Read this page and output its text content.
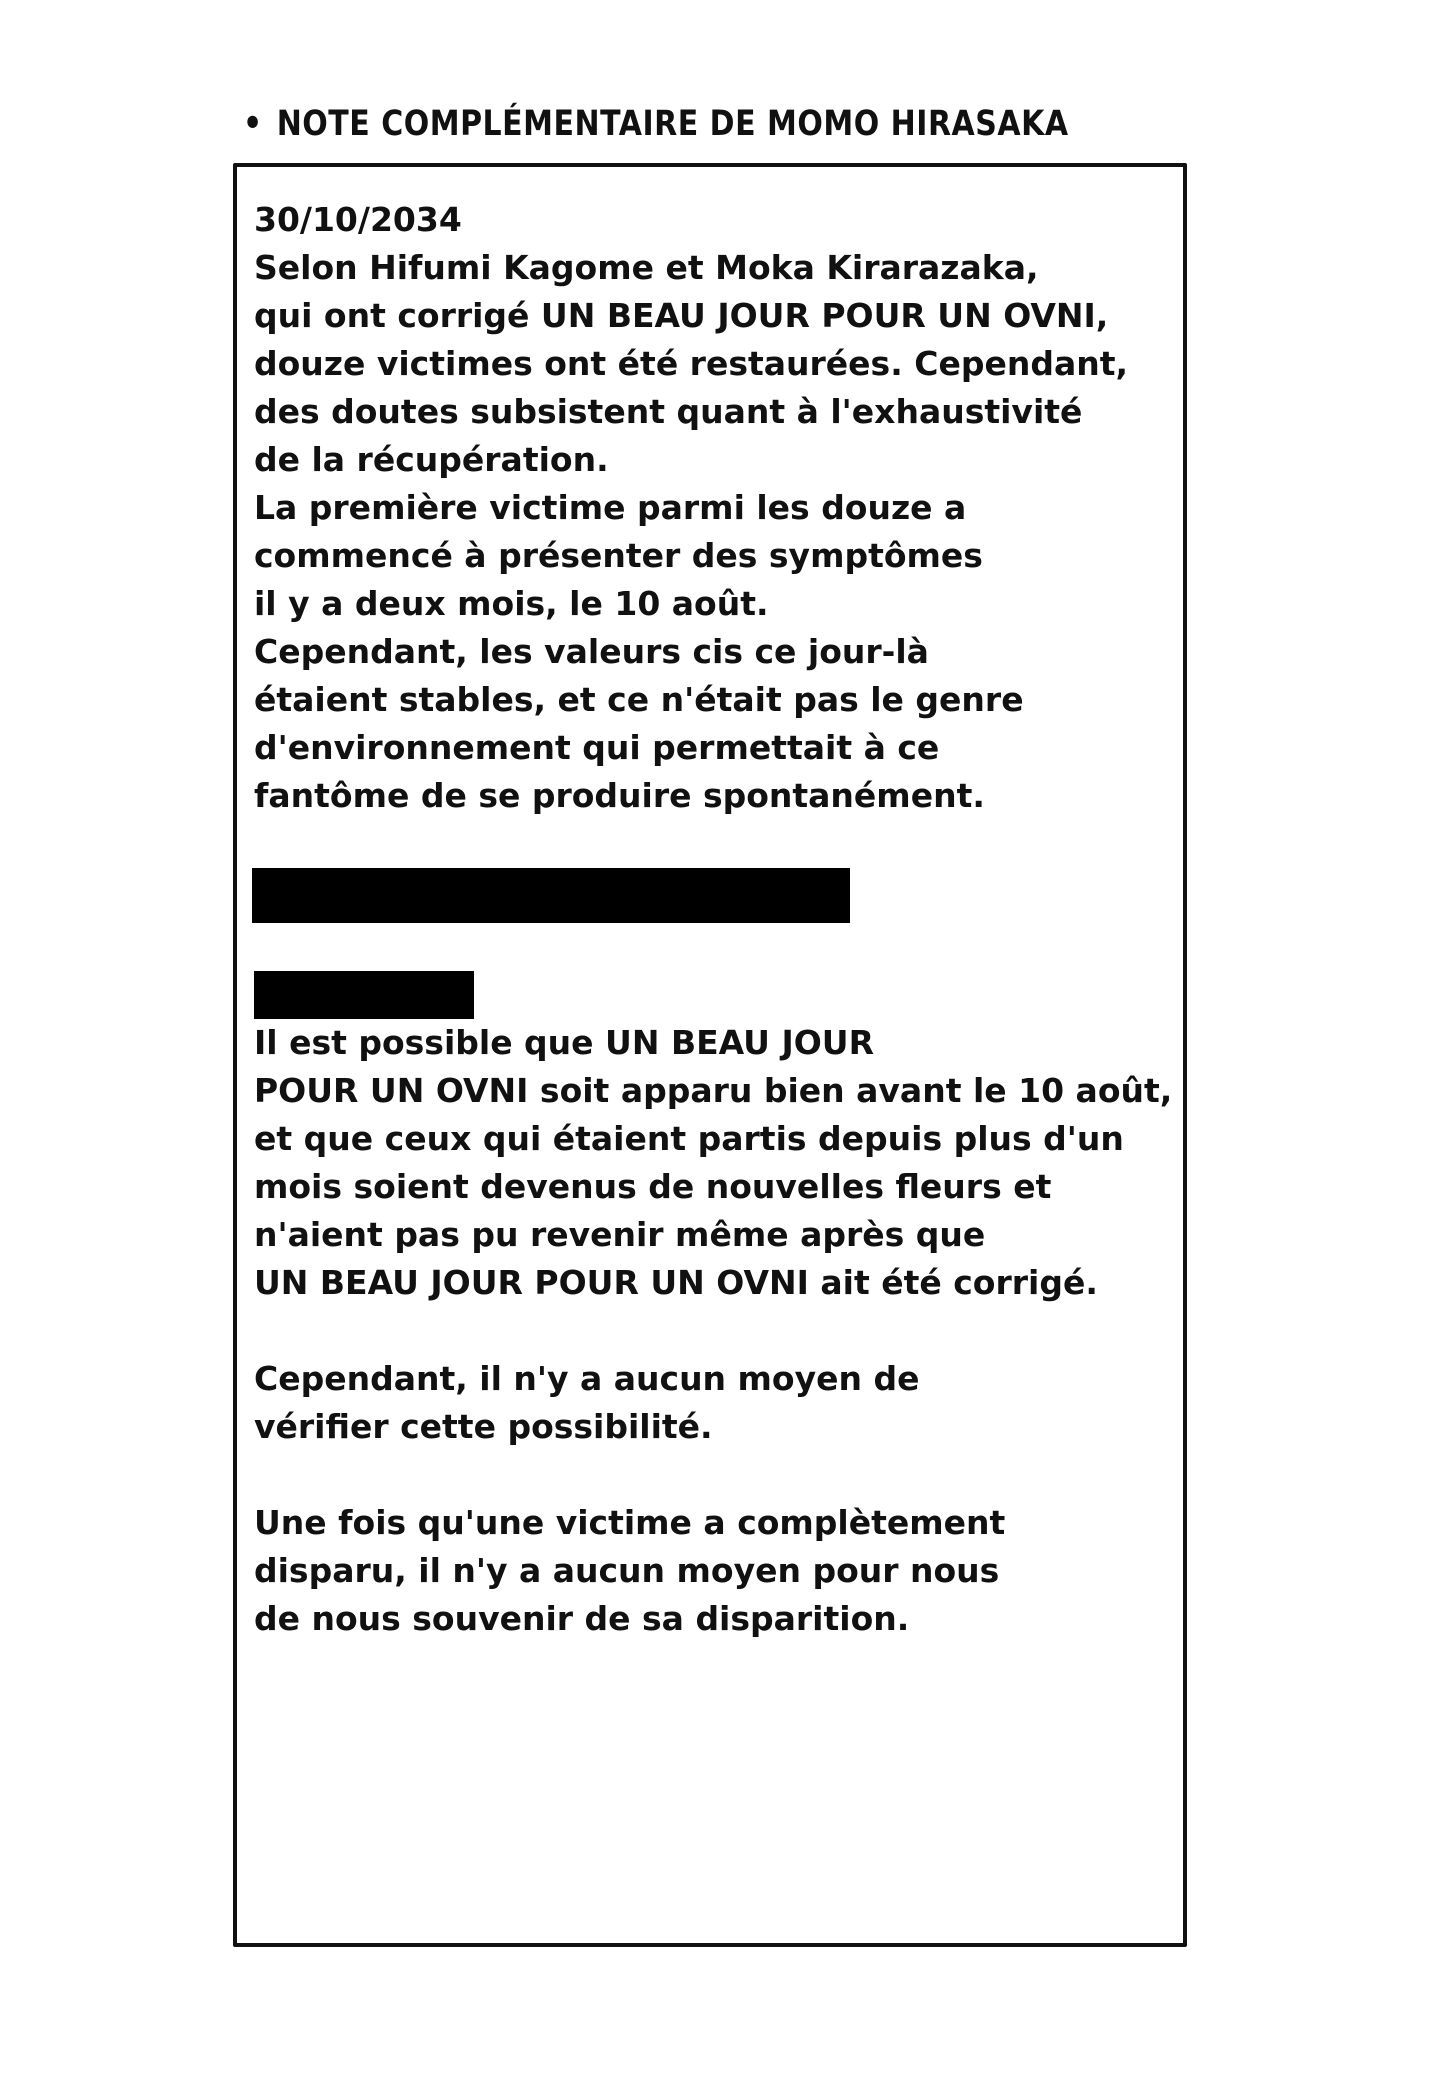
• NOTE COMPLÉMENTAIRE DE MOMO HIRASAKA
30/10/2034
Selon Hifumi Kagome et Moka Kirarazaka,
qui ont corrigé UN BEAU JOUR POUR UN OVNI,
douze victimes ont été restaurées. Cependant,
des doutes subsistent quant à l'exhaustivité
de la récupération.
La première victime parmi les douze a
commencé à présenter des symptômes
il y a deux mois, le 10 août.
Cependant, les valeurs cis ce jour-là
étaient stables, et ce n'était pas le genre
d'environnement qui permettait à ce
fantôme de se produire spontanément.
Il est possible que UN BEAU JOUR
POUR UN OVNI soit apparu bien avant le 10 août,
et que ceux qui étaient partis depuis plus d'un
mois soient devenus de nouvelles fleurs et
n'aient pas pu revenir même après que
UN BEAU JOUR POUR UN OVNI ait été corrigé.
Cependant, il n'y a aucun moyen de
vérifier cette possibilité.
Une fois qu'une victime a complètement
disparu, il n'y a aucun moyen pour nous
de nous souvenir de sa disparition.
